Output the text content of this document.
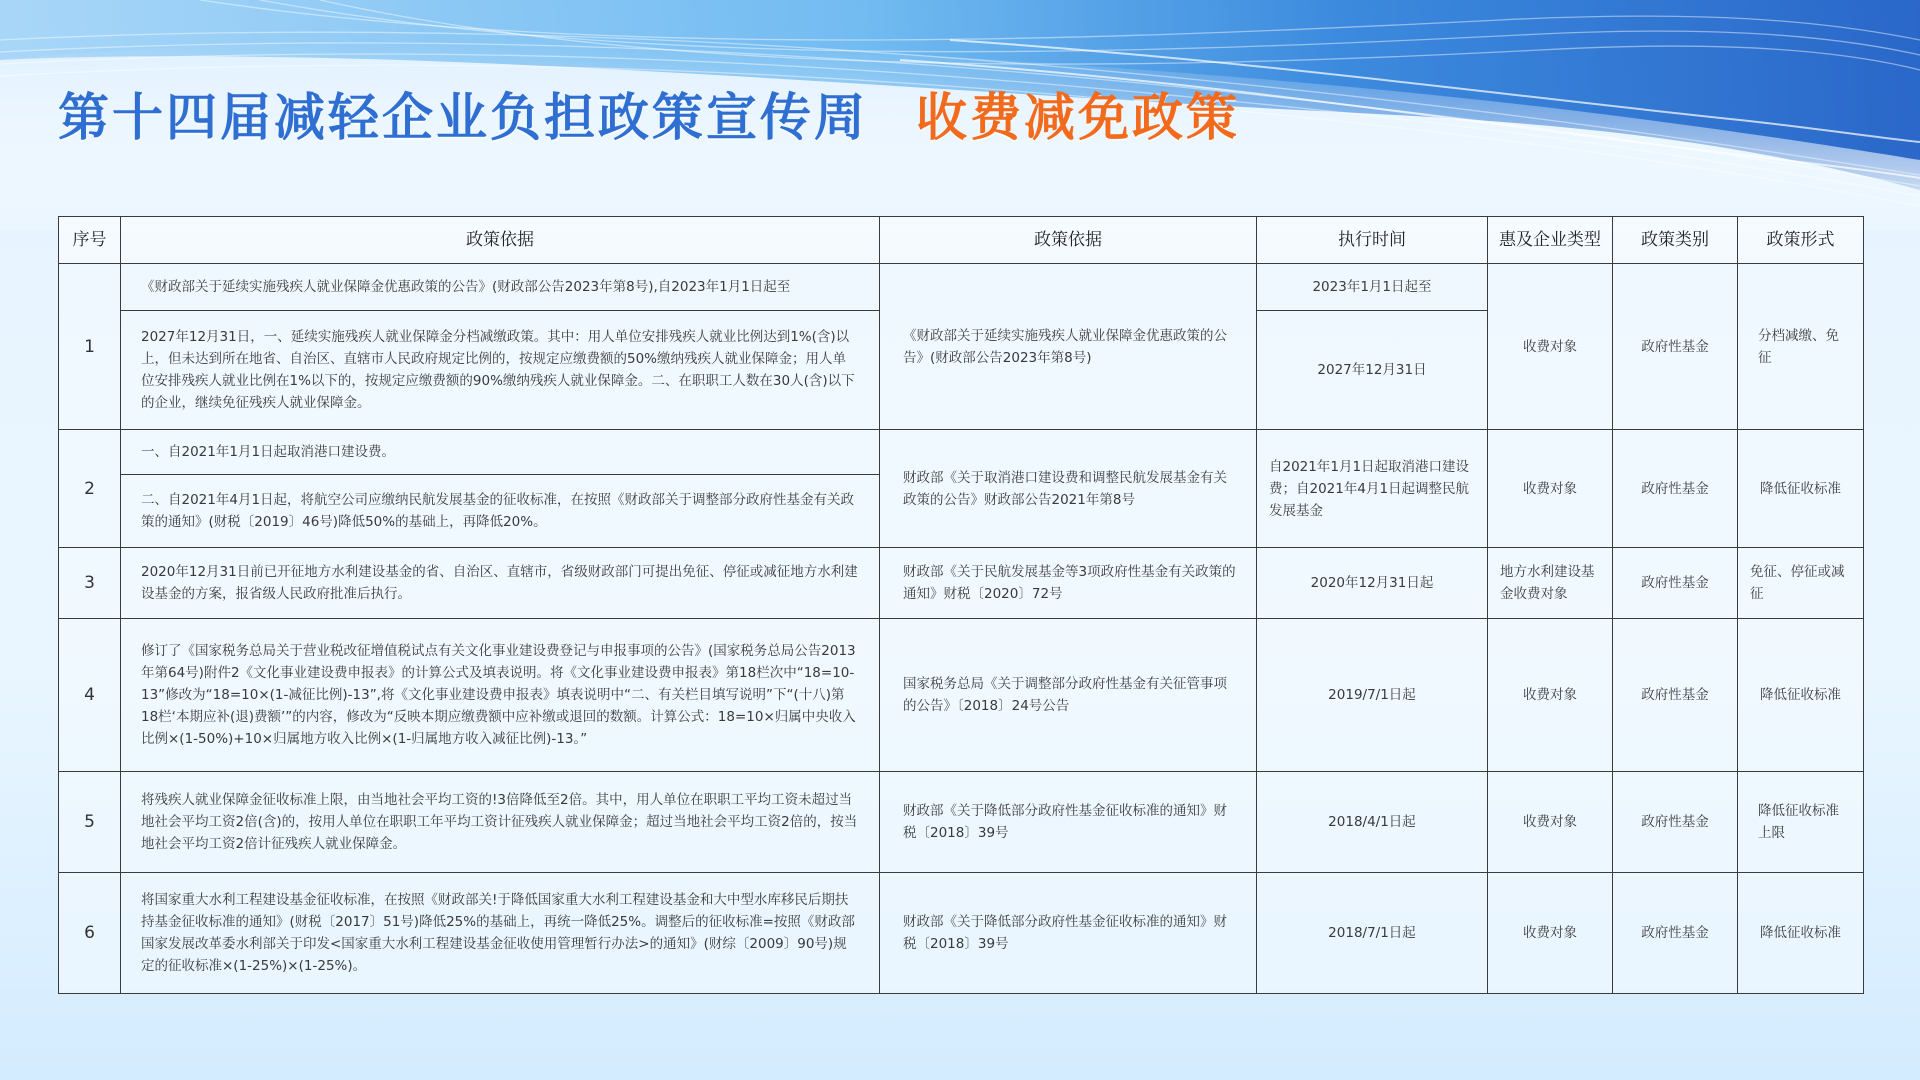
第十四届减轻企业负担政策宣传周 收费减免政策
序号	政策依据	政策依据	执行时间	惠及企业类型	政策类别	政策形式
1	《财政部关于延续实施残疾人就业保障金优惠政策的公告》(财政部公告2023年第8号),自2023年1月1日起至	《财政部关于延续实施残疾人就业保障金优惠政策的公告》(财政部公告2023年第8号)	2023年1月1日起至	收费对象	政府性基金	分档减缴、免征
	2027年12月31日，一、延续实施残疾人就业保障金分档减缴政策。其中：用人单位安排残疾人就业比例达到1%(含)以上，但未达到所在地省、自治区、直辖市人民政府规定比例的，按规定应缴费额的50%缴纳残疾人就业保障金；用人单位安排残疾人就业比例在1%以下的，按规定应缴费额的90%缴纳残疾人就业保障金。二、在职职工人数在30人(含)以下的企业，继续免征残疾人就业保障金。		2027年12月31日			
2	一、自2021年1月1日起取消港口建设费。	财政部《关于取消港口建设费和调整民航发展基金有关政策的公告》财政部公告2021年第8号	自2021年1月1日起取消港口建设费；自2021年4月1日起调整民航发展基金	收费对象	政府性基金	降低征收标准
	二、自2021年4月1日起，将航空公司应缴纳民航发展基金的征收标准，在按照《财政部关于调整部分政府性基金有关政策的通知》(财税〔2019〕46号)降低50%的基础上，再降低20%。					
3	2020年12月31日前已开征地方水利建设基金的省、自治区、直辖市，省级财政部门可提出免征、停征或减征地方水利建设基金的方案，报省级人民政府批准后执行。	财政部《关于民航发展基金等3项政府性基金有关政策的通知》财税〔2020〕72号	2020年12月31日起	地方水利建设基金收费对象	政府性基金	免征、停征或减征
4	修订了《国家税务总局关于营业税改征增值税试点有关文化事业建设费登记与申报事项的公告》(国家税务总局公告2013年第64号)附件2《文化事业建设费申报表》的计算公式及填表说明。将《文化事业建设费申报表》第18栏次中“18=10-13”修改为“18=10×(1-减征比例)-13”,将《文化事业建设费申报表》填表说明中“二、有关栏目填写说明”下“(十八)第18栏‘本期应补(退)费额’”的内容，修改为“反映本期应缴费额中应补缴或退回的数额。计算公式：18=10×归属中央收入比例×(1-50%)+10×归属地方收入比例×(1-归属地方收入减征比例)-13。”	国家税务总局《关于调整部分政府性基金有关征管事项的公告》〔2018〕24号公告	2019/7/1日起	收费对象	政府性基金	降低征收标准
5	将残疾人就业保障金征收标准上限，由当地社会平均工资的!3倍降低至2倍。其中，用人单位在职职工平均工资未超过当地社会平均工资2倍(含)的，按用人单位在职职工年平均工资计征残疾人就业保障金；超过当地社会平均工资2倍的，按当地社会平均工资2倍计征残疾人就业保障金。	财政部《关于降低部分政府性基金征收标准的通知》财税〔2018〕39号	2018/4/1日起	收费对象	政府性基金	降低征收标准上限
6	将国家重大水利工程建设基金征收标准，在按照《财政部关!于降低国家重大水利工程建设基金和大中型水库移民后期扶持基金征收标准的通知》(财税〔2017〕51号)降低25%的基础上，再统一降低25%。调整后的征收标准=按照《财政部国家发展改革委水利部关于印发<国家重大水利工程建设基金征收使用管理暂行办法>的通知》(财综〔2009〕90号)规定的征收标准×(1-25%)×(1-25%)。	财政部《关于降低部分政府性基金征收标准的通知》财税〔2018〕39号	2018/7/1日起	收费对象	政府性基金	降低征收标准
